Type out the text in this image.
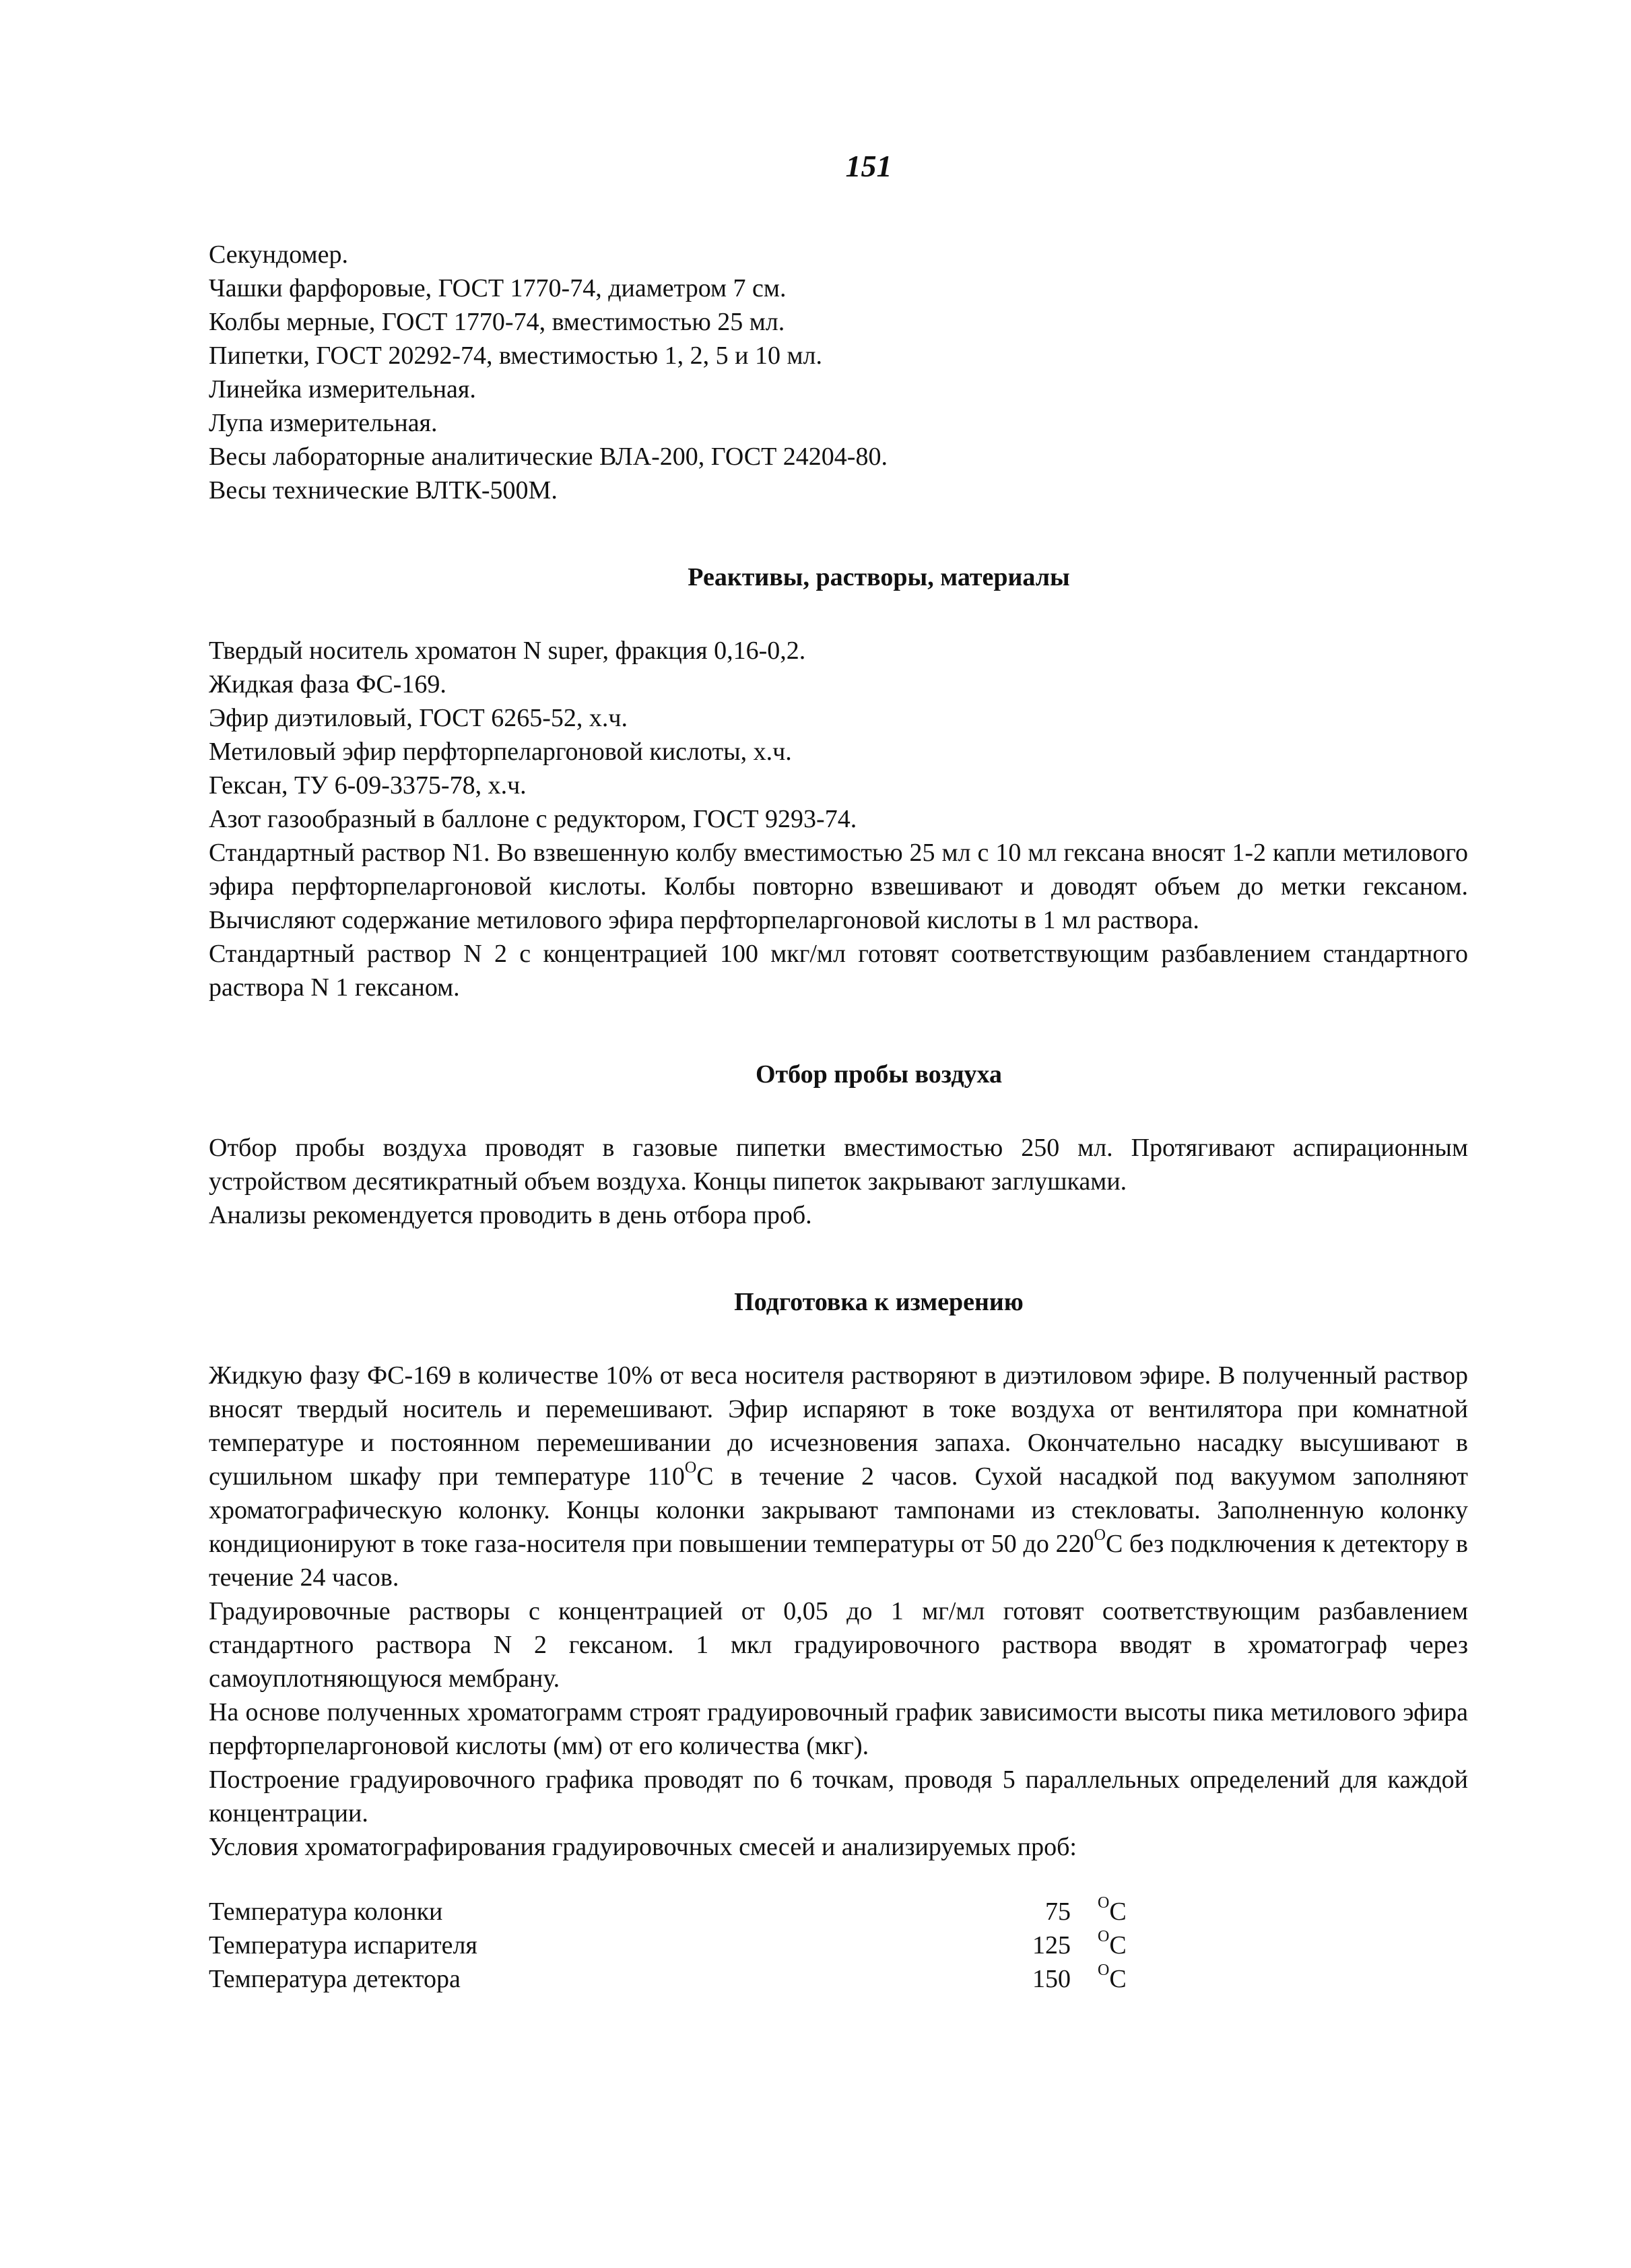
151
Секундомер.
Чашки фарфоровые, ГОСТ 1770-74, диаметром 7 см.
Колбы мерные, ГОСТ 1770-74, вместимостью 25 мл.
Пипетки, ГОСТ 20292-74, вместимостью 1, 2, 5 и 10 мл.
Линейка измерительная.
Лупа измерительная.
Весы лабораторные аналитические ВЛА-200, ГОСТ 24204-80.
Весы технические ВЛТК-500М.
Реактивы, растворы, материалы
Твердый носитель хроматон N super, фракция 0,16-0,2.
Жидкая фаза ФС-169.
Эфир диэтиловый, ГОСТ 6265-52, х.ч.
Метиловый эфир перфторпеларгоновой кислоты, х.ч.
Гексан, ТУ 6-09-3375-78, х.ч.
Азот газообразный в баллоне с редуктором, ГОСТ 9293-74.

Стандартный раствор N1. Во взвешенную колбу вместимостью 25 мл с 10 мл гексана вносят 1-2 капли метилового эфира перфторпеларгоновой кислоты. Колбы повторно взвешивают и доводят объем до метки гексаном. Вычисляют содержание метилового эфира перфторпеларгоновой кислоты в 1 мл раствора.

Стандартный раствор N 2 с концентрацией 100 мкг/мл готовят соответствующим разбавлением стандартного раствора N 1 гексаном.

Отбор пробы воздуха

Отбор пробы воздуха проводят в газовые пипетки вместимостью 250 мл. Протягивают аспирационным устройством десятикратный объем воздуха. Концы пипеток закрывают заглушками.

Анализы рекомендуется проводить в день отбора проб.

Подготовка к измерению

Жидкую фазу ФС-169 в количестве 10% от веса носителя растворяют в диэтиловом эфире. В полученный раствор вносят твердый носитель и перемешивают. Эфир испаряют в токе воздуха от вентилятора при комнатной температуре и постоянном перемешивании до исчезновения запаха. Окончательно насадку высушивают в сушильном шкафу при температуре $110^OС$ в течение 2 часов. Сухой насадкой под вакуумом заполняют хроматографическую колонку. Концы колонки закрывают тампонами из стекловаты. Заполненную колонку кондиционируют в токе газа-носителя при повышении температуры от 50 до $220^OС$ без подключения к детектору в течение 24 часов.

Градуировочные растворы с концентрацией от 0,05 до 1 мг/мл готовят соответствующим разбавлением стандартного раствора N 2 гексаном. 1 мкл градуировочного раствора вводят в хроматограф через самоуплотняющуюся мембрану.

На основе полученных хроматограмм строят градуировочный график зависимости высоты пика метилового эфира перфторпеларгоновой кислоты (мм) от его количества (мкг).

Построение градуировочного графика проводят по 6 точкам, проводя 5 параллельных определений для каждой концентрации.

Условия хроматографирования градуировочных смесей и анализируемых проб:

Температура колонки	75	$^O$C
Температура испарителя	125	$^O$C
Температура детектора	150	$^O$C
